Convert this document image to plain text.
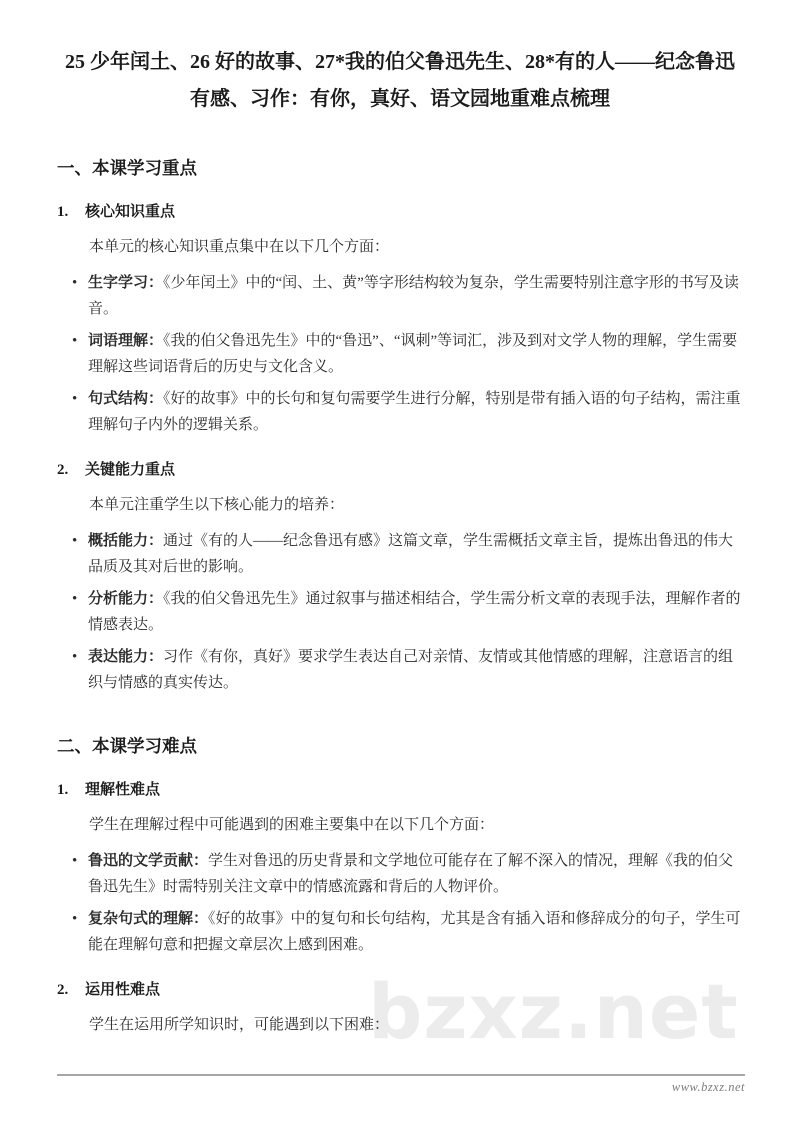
bzxz.net
25 少年闰土、26 好的故事、27*我的伯父鲁迅先生、28*有的人——纪念鲁迅有感、习作：有你，真好、语文园地重难点梳理
一、本课学习重点
1. 核心知识重点

本单元的核心知识重点集中在以下几个方面：

• 生字学习：《少年闰土》中的“闰、土、黄”等字形结构较为复杂，学生需要特别注意字形的书写及读音。
• 词语理解：《我的伯父鲁迅先生》中的“鲁迅”、“讽刺”等词汇，涉及到对文学人物的理解，学生需要理解这些词语背后的历史与文化含义。
• 句式结构：《好的故事》中的长句和复句需要学生进行分解，特别是带有插入语的句子结构，需注重理解句子内外的逻辑关系。
2. 关键能力重点

本单元注重学生以下核心能力的培养：

• 概括能力：通过《有的人——纪念鲁迅有感》这篇文章，学生需概括文章主旨，提炼出鲁迅的伟大品质及其对后世的影响。
• 分析能力：《我的伯父鲁迅先生》通过叙事与描述相结合，学生需分析文章的表现手法，理解作者的情感表达。
• 表达能力：习作《有你，真好》要求学生表达自己对亲情、友情或其他情感的理解，注意语言的组织与情感的真实传达。
二、本课学习难点
1. 理解性难点

学生在理解过程中可能遇到的困难主要集中在以下几个方面：

• 鲁迅的文学贡献：学生对鲁迅的历史背景和文学地位可能存在了解不深入的情况，理解《我的伯父鲁迅先生》时需特别关注文章中的情感流露和背后的人物评价。
• 复杂句式的理解：《好的故事》中的复句和长句结构，尤其是含有插入语和修辞成分的句子，学生可能在理解句意和把握文章层次上感到困难。
2. 运用性难点

学生在运用所学知识时，可能遇到以下困难：

www.bzxz.net
